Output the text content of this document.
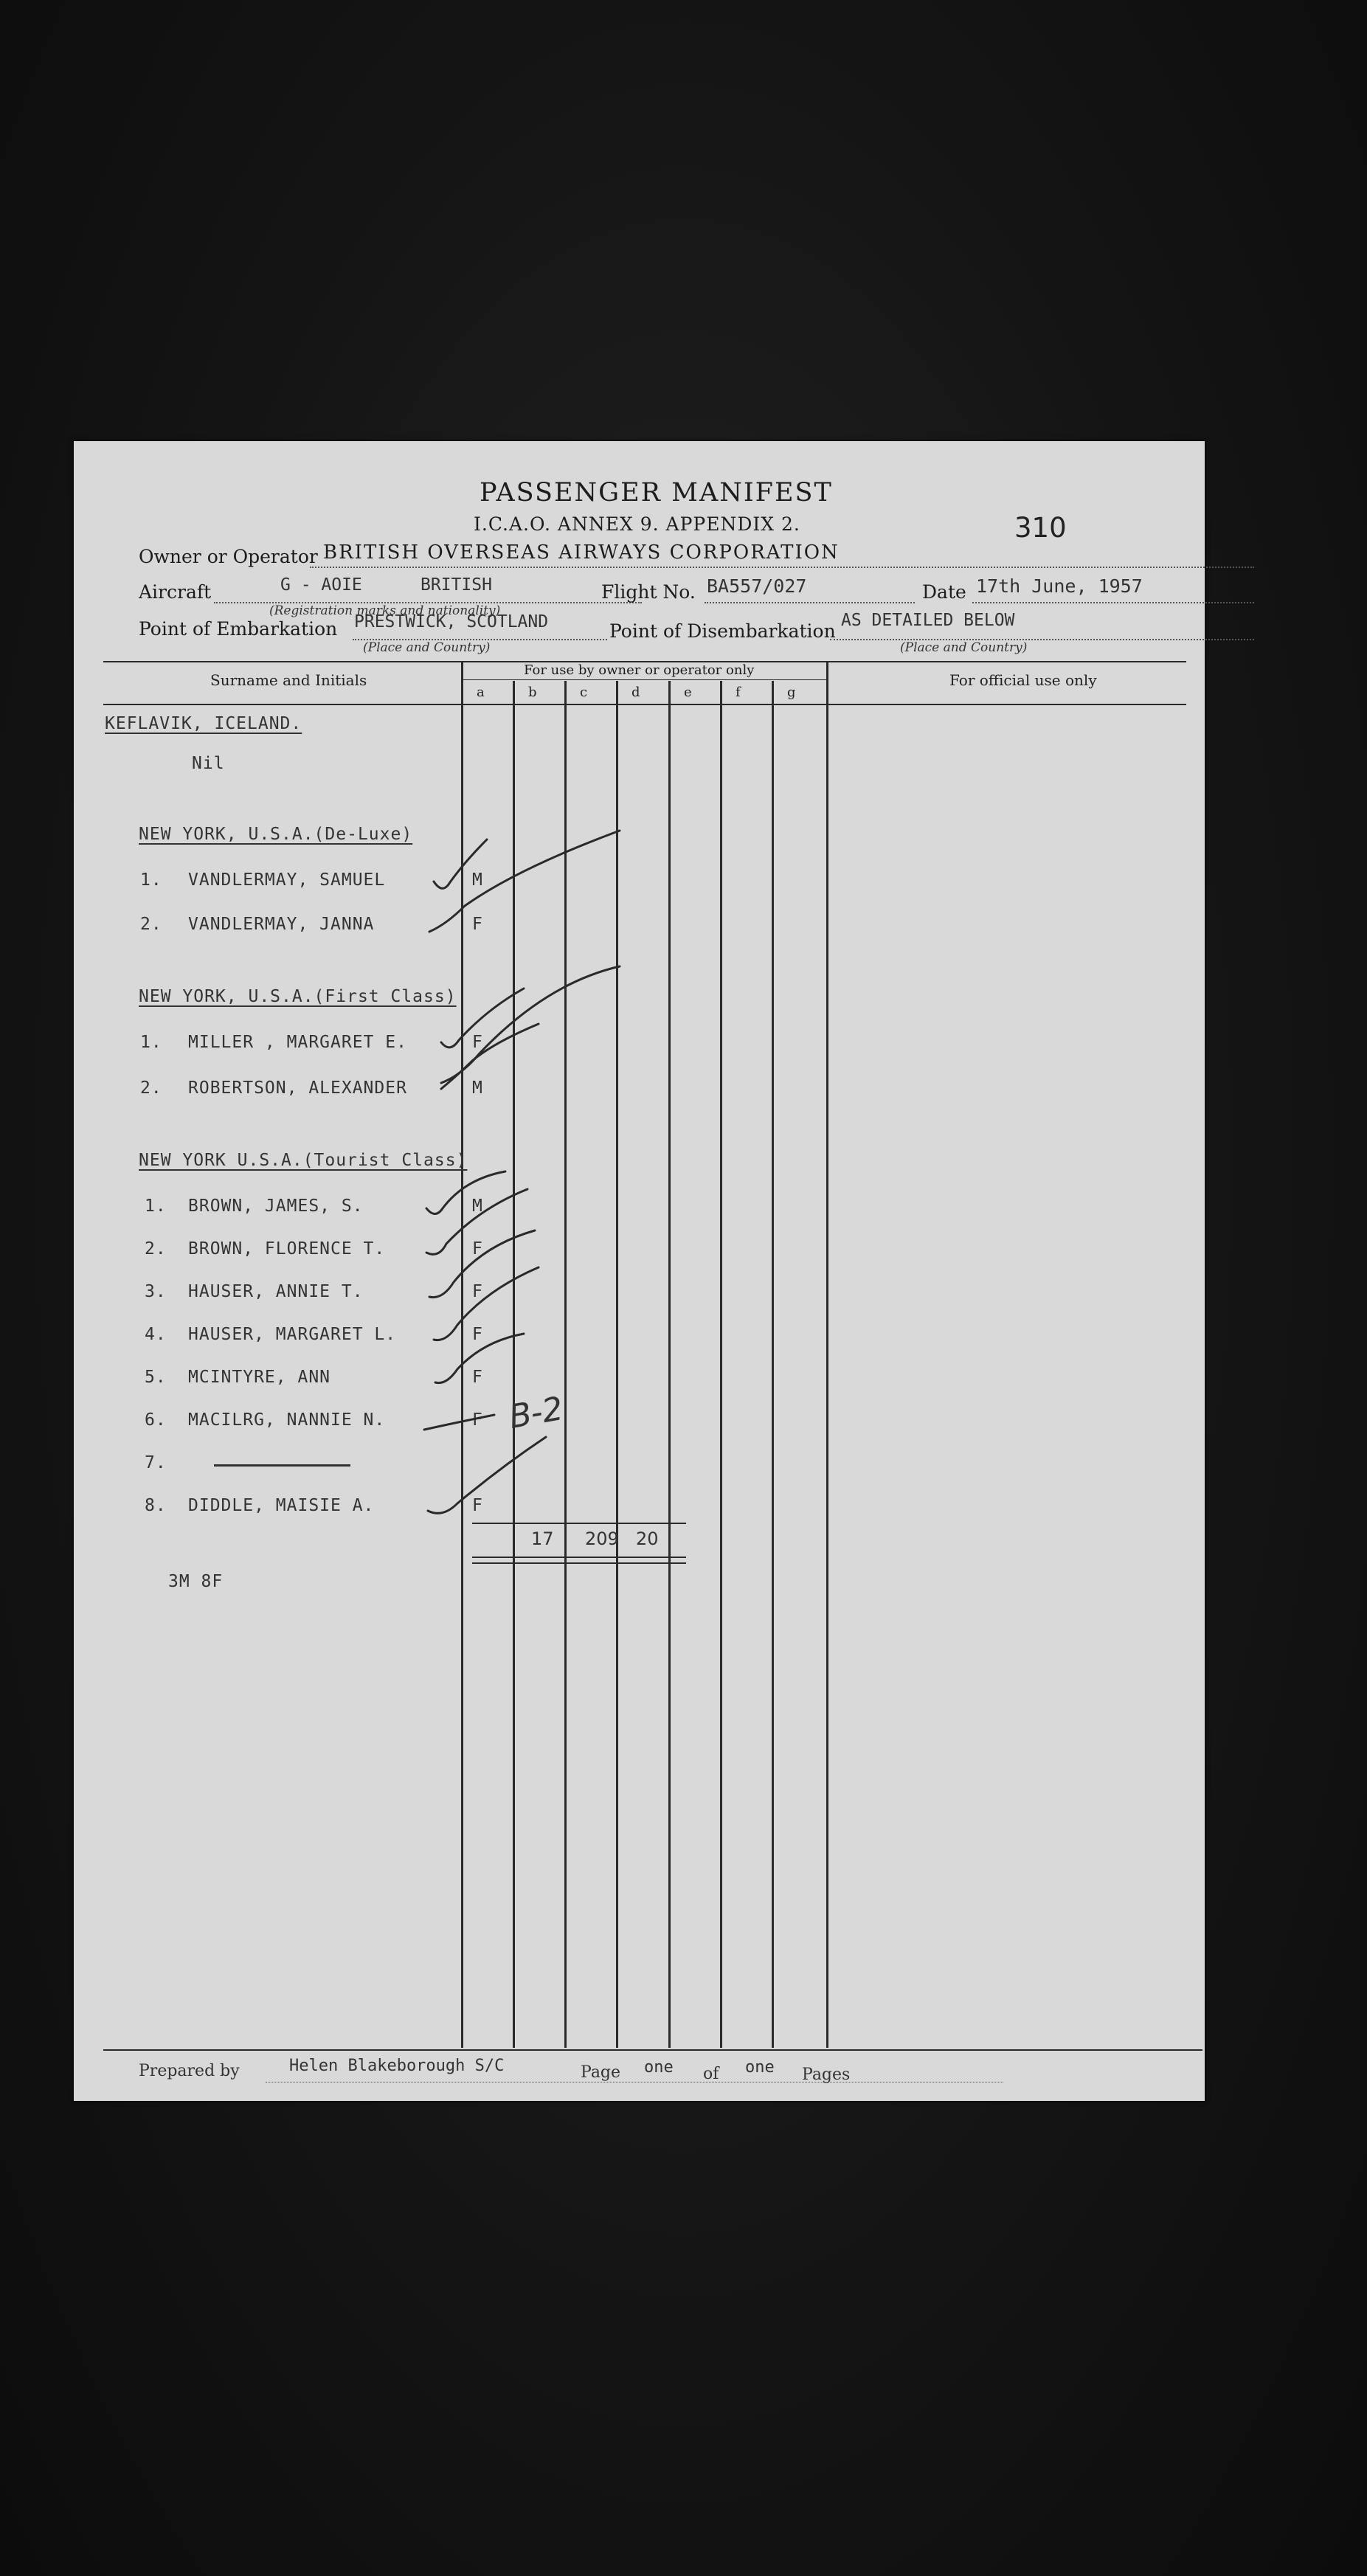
PASSENGER MANIFEST
I.C.A.O. ANNEX 9. APPENDIX 2.	310
Owner or Operator BRITISH OVERSEAS AIRWAYS CORPORATION
Aircraft	G - AOIE	BRITISH
(Registration marks and nationality)
Flight No. BA557/027	Date 17th June, 1957
Point of Embarkation PRESTWICK, SCOTLAND
(Place and Country)
Point of Disembarkation AS DETAILED BELOW
(Place and Country)
Surname and Initials
For use by owner or operator only
For official use only
a	b	c	d	e	f	g
KEFLAVIK, ICELAND.
Nil
NEW YORK, U.S.A.(De-Luxe)
1. VANDLERMAY, SAMUEL	M
2. VANDLERMAY, JANNA	F
NEW YORK, U.S.A.(First Class)
1. MILLER , MARGARET E.	F
2. ROBERTSON, ALEXANDER	M
NEW YORK U.S.A.(Tourist Class)
1. BROWN, JAMES, S.	M
2. BROWN, FLORENCE T.	F
3. HAUSER, ANNIE T.	F
4. HAUSER, MARGARET L.	F
5. MCINTYRE, ANN	F
6. MACILRG, NANNIE N.	F
7.
8. DIDDLE, MAISIE A.	F
17 209 20
3M 8F
B-2
Prepared by	Helen Blakeborough S/C	Page one of one Pages
